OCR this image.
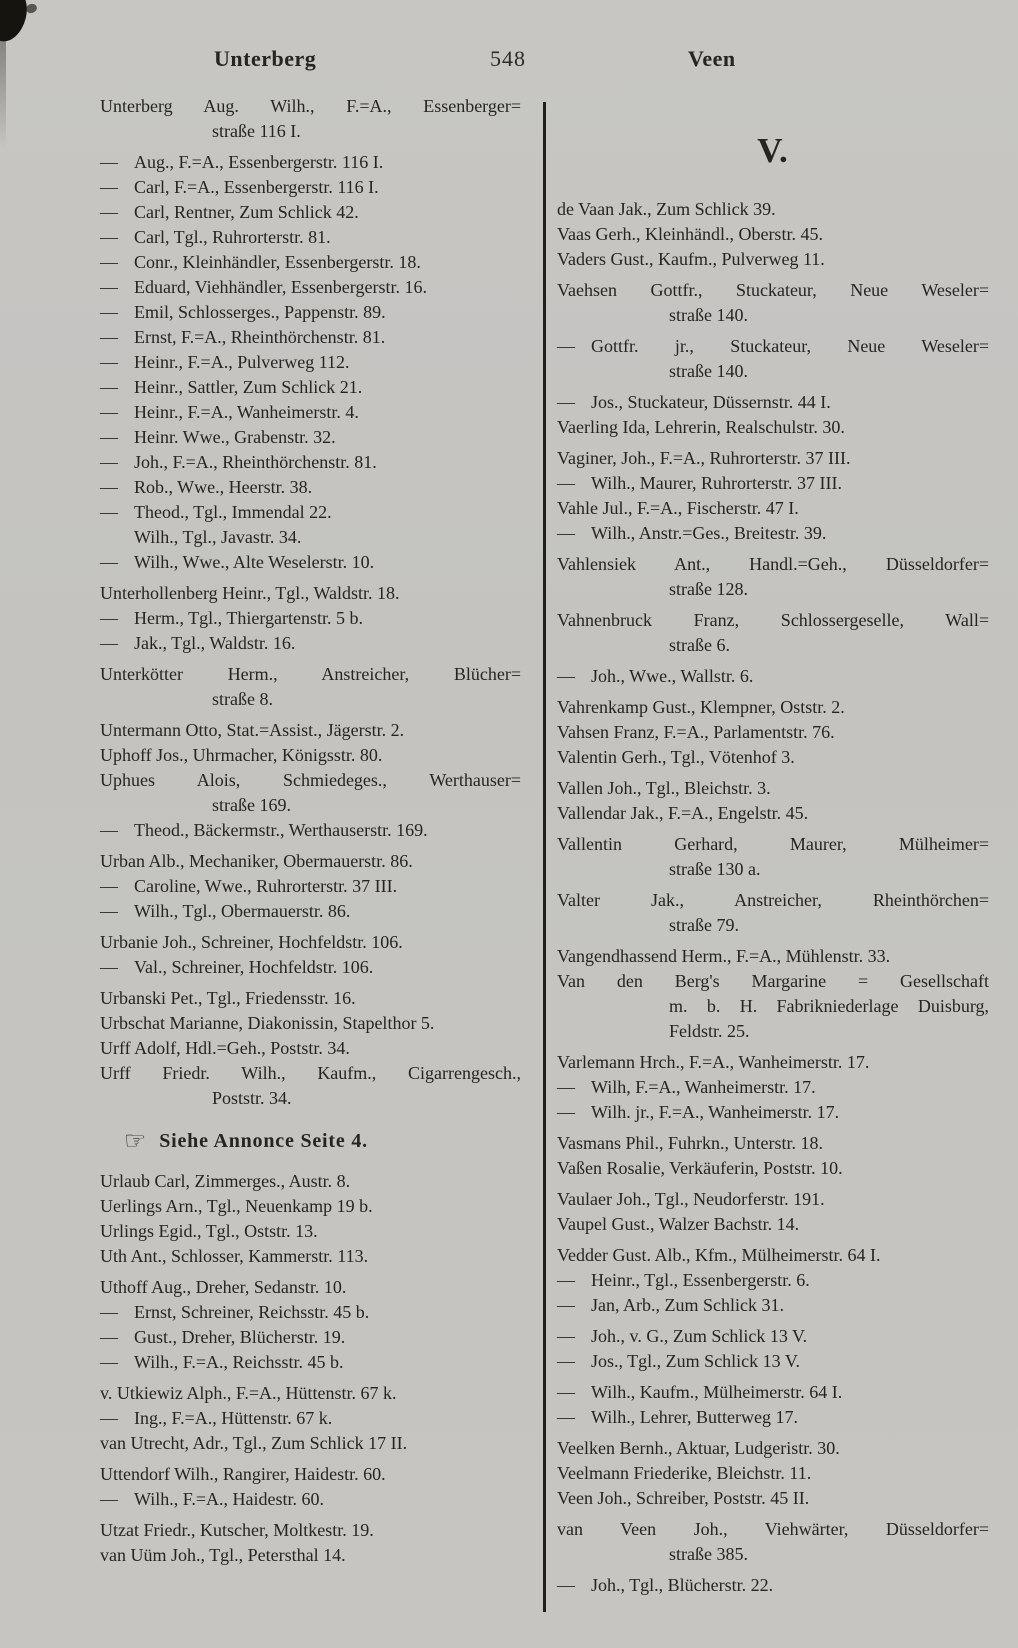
Unterberg	548	Veen
Unterberg Aug. Wilh., F.=A., Essenberger=
straße 116 I.
— Aug., F.=A., Essenbergerstr. 116 I.
— Carl, F.=A., Essenbergerstr. 116 I.
— Carl, Rentner, Zum Schlick 42.
— Carl, Tgl., Ruhrorterstr. 81.
— Conr., Kleinhändler, Essenbergerstr. 18.
— Eduard, Viehhändler, Essenbergerstr. 16.
— Emil, Schlosserges., Pappenstr. 89.
— Ernst, F.=A., Rheinthörchenstr. 81.
— Heinr., F.=A., Pulverweg 112.
— Heinr., Sattler, Zum Schlick 21.
— Heinr., F.=A., Wanheimerstr. 4.
— Heinr. Wwe., Grabenstr. 32.
— Joh., F.=A., Rheinthörchenstr. 81.
— Rob., Wwe., Heerstr. 38.
— Theod., Tgl., Immendal 22.
Wilh., Tgl., Javastr. 34.
— Wilh., Wwe., Alte Weselerstr. 10.
Unterhollenberg Heinr., Tgl., Waldstr. 18.
— Herm., Tgl., Thiergartenstr. 5 b.
— Jak., Tgl., Waldstr. 16.
Unterkötter Herm., Anstreicher, Blücher=
straße 8.
Untermann Otto, Stat.=Assist., Jägerstr. 2.
Uphoff Jos., Uhrmacher, Königsstr. 80.
Uphues Alois, Schmiedeges., Werthauser=
straße 169.
— Theod., Bäckermstr., Werthauserstr. 169.
Urban Alb., Mechaniker, Obermauerstr. 86.
— Caroline, Wwe., Ruhrorterstr. 37 III.
— Wilh., Tgl., Obermauerstr. 86.
Urbanie Joh., Schreiner, Hochfeldstr. 106.
— Val., Schreiner, Hochfeldstr. 106.
Urbanski Pet., Tgl., Friedensstr. 16.
Urbschat Marianne, Diakonissin, Stapelthor 5.
Urff Adolf, Hdl.=Geh., Poststr. 34.
Urff Friedr. Wilh., Kaufm., Cigarrengesch.,
Poststr. 34.
☞ Siehe Annonce Seite 4.
Urlaub Carl, Zimmerges., Austr. 8.
Uerlings Arn., Tgl., Neuenkamp 19 b.
Urlings Egid., Tgl., Oststr. 13.
Uth Ant., Schlosser, Kammerstr. 113.
Uthoff Aug., Dreher, Sedanstr. 10.
— Ernst, Schreiner, Reichsstr. 45 b.
— Gust., Dreher, Blücherstr. 19.
— Wilh., F.=A., Reichsstr. 45 b.
v. Utkiewiz Alph., F.=A., Hüttenstr. 67 k.
— Ing., F.=A., Hüttenstr. 67 k.
van Utrecht, Adr., Tgl., Zum Schlick 17 II.
Uttendorf Wilh., Rangirer, Haidestr. 60.
— Wilh., F.=A., Haidestr. 60.
Utzat Friedr., Kutscher, Moltkestr. 19.
van Uüm Joh., Tgl., Petersthal 14.
V.
de Vaan Jak., Zum Schlick 39.
Vaas Gerh., Kleinhändl., Oberstr. 45.
Vaders Gust., Kaufm., Pulverweg 11.
Vaehsen Gottfr., Stuckateur, Neue Weseler=
straße 140.
— Gottfr. jr., Stuckateur, Neue Weseler=
straße 140.
— Jos., Stuckateur, Düssernstr. 44 I.
Vaerling Ida, Lehrerin, Realschulstr. 30.
Vaginer, Joh., F.=A., Ruhrorterstr. 37 III.
— Wilh., Maurer, Ruhrorterstr. 37 III.
Vahle Jul., F.=A., Fischerstr. 47 I.
— Wilh., Anstr.=Ges., Breitestr. 39.
Vahlensiek Ant., Handl.=Geh., Düsseldorfer=
straße 128.
Vahnenbruck Franz, Schlossergeselle, Wall=
straße 6.
— Joh., Wwe., Wallstr. 6.
Vahrenkamp Gust., Klempner, Oststr. 2.
Vahsen Franz, F.=A., Parlamentstr. 76.
Valentin Gerh., Tgl., Vötenhof 3.
Vallen Joh., Tgl., Bleichstr. 3.
Vallendar Jak., F.=A., Engelstr. 45.
Vallentin Gerhard, Maurer, Mülheimer=
straße 130 a.
Valter Jak., Anstreicher, Rheinthörchen=
straße 79.
Vangendhassend Herm., F.=A., Mühlenstr. 33.
Van den Berg's Margarine = Gesellschaft
m. b. H. Fabrikniederlage Duisburg,
Feldstr. 25.
Varlemann Hrch., F.=A., Wanheimerstr. 17.
— Wilh, F.=A., Wanheimerstr. 17.
— Wilh. jr., F.=A., Wanheimerstr. 17.
Vasmans Phil., Fuhrkn., Unterstr. 18.
Vaßen Rosalie, Verkäuferin, Poststr. 10.
Vaulaer Joh., Tgl., Neudorferstr. 191.
Vaupel Gust., Walzer Bachstr. 14.
Vedder Gust. Alb., Kfm., Mülheimerstr. 64 I.
— Heinr., Tgl., Essenbergerstr. 6.
— Jan, Arb., Zum Schlick 31.
— Joh., v. G., Zum Schlick 13 V.
— Jos., Tgl., Zum Schlick 13 V.
— Wilh., Kaufm., Mülheimerstr. 64 I.
— Wilh., Lehrer, Butterweg 17.
Veelken Bernh., Aktuar, Ludgeristr. 30.
Veelmann Friederike, Bleichstr. 11.
Veen Joh., Schreiber, Poststr. 45 II.
van Veen Joh., Viehwärter, Düsseldorfer=
straße 385.
— Joh., Tgl., Blücherstr. 22.
